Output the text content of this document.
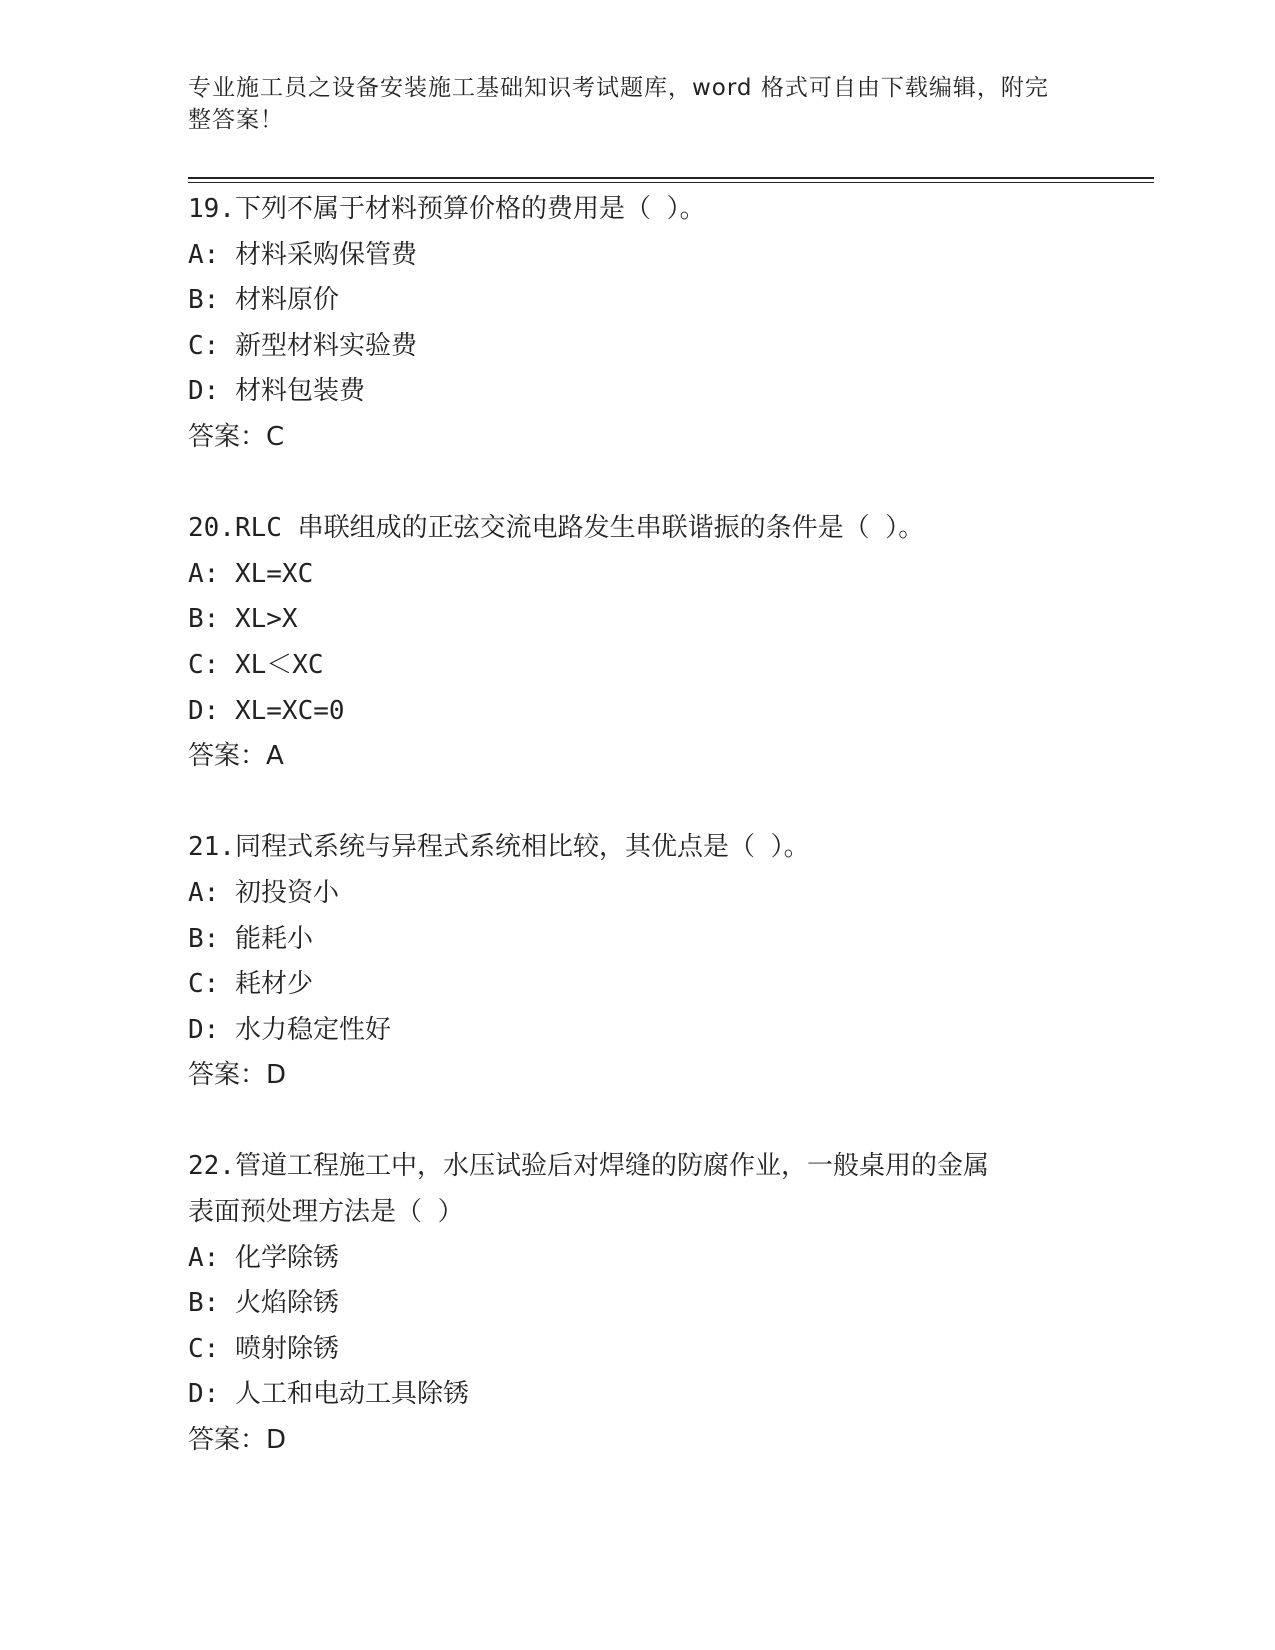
专业施工员之设备安装施工基础知识考试题库，word 格式可自由下载编辑，附完
整答案！
19.下列不属于材料预算价格的费用是（ ）。
A: 材料采购保管费
B: 材料原价
C: 新型材料实验费
D: 材料包装费
答案：C
20.RLC 串联组成的正弦交流电路发生串联谐振的条件是（ ）。
A: XL=XC
B: XL>X
C: XL＜XC
D: XL=XC=0
答案：A
21.同程式系统与异程式系统相比较，其优点是（ ）。
A: 初投资小
B: 能耗小
C: 耗材少
D: 水力稳定性好
答案：D
22.管道工程施工中，水压试验后对焊缝的防腐作业，一般桌用的金属
表面预处理方法是（ ）
A: 化学除锈
B: 火焰除锈
C: 喷射除锈
D: 人工和电动工具除锈
答案：D
